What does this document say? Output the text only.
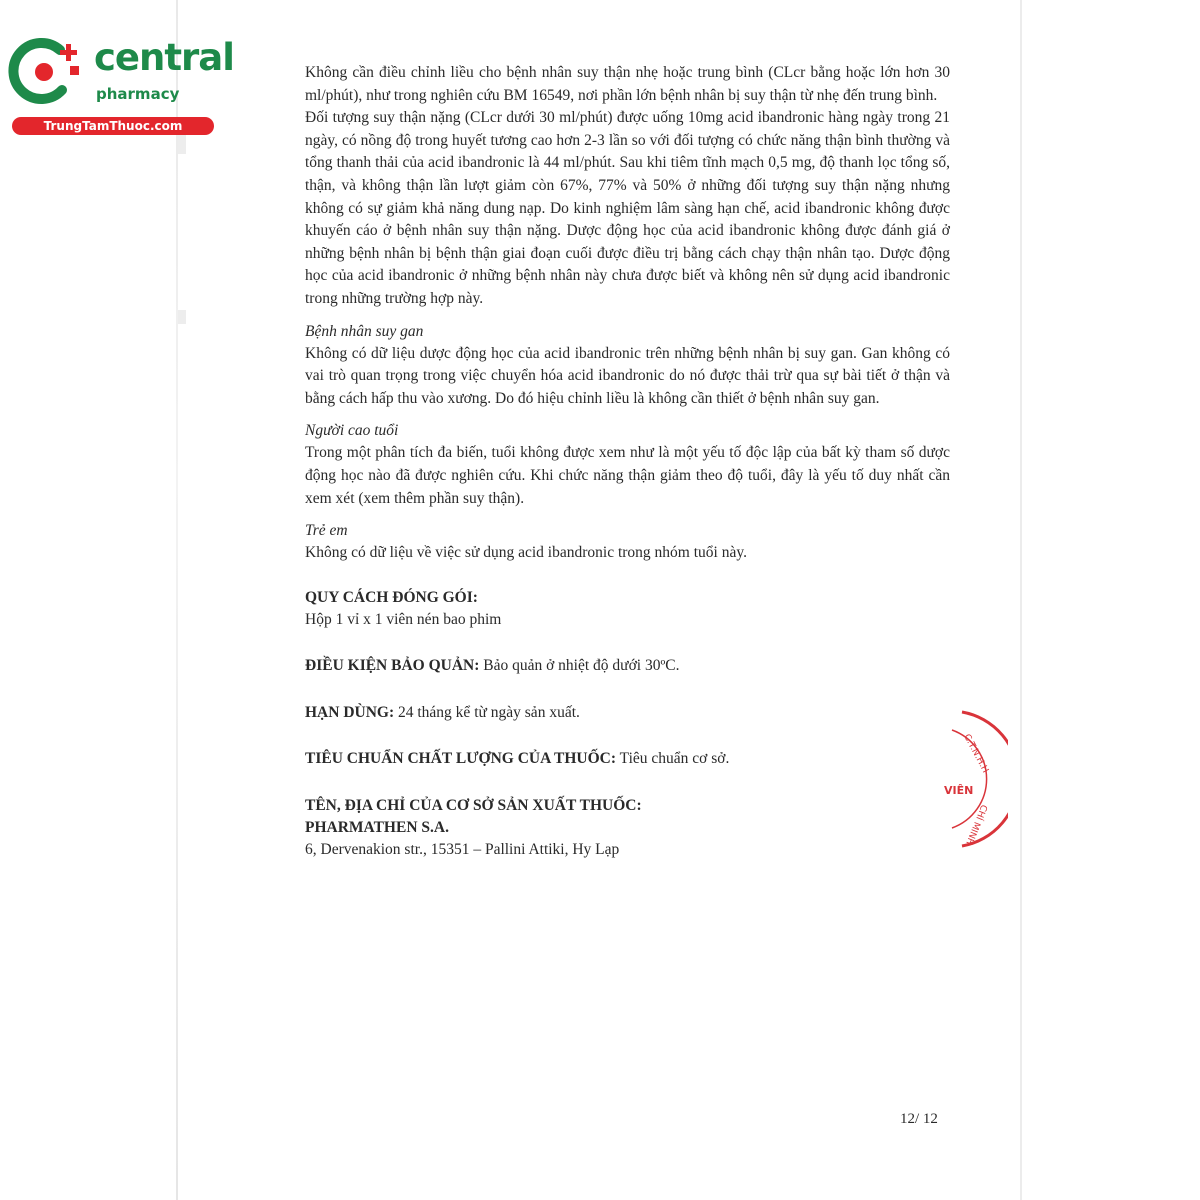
central
pharmacy
TrungTamThuoc.com

Không cần điều chỉnh liều cho bệnh nhân suy thận nhẹ hoặc trung bình (CLcr bằng hoặc lớn hơn 30 ml/phút), như trong nghiên cứu BM 16549, nơi phần lớn bệnh nhân bị suy thận từ nhẹ đến trung bình.

Đối tượng suy thận nặng (CLcr dưới 30 ml/phút) được uống 10mg acid ibandronic hàng ngày trong 21 ngày, có nồng độ trong huyết tương cao hơn 2-3 lần so với đối tượng có chức năng thận bình thường và tổng thanh thải của acid ibandronic là 44 ml/phút. Sau khi tiêm tĩnh mạch 0,5 mg, độ thanh lọc tổng số, thận, và không thận lần lượt giảm còn 67%, 77% và 50% ở những đối tượng suy thận nặng nhưng không có sự giảm khả năng dung nạp. Do kinh nghiệm lâm sàng hạn chế, acid ibandronic không được khuyến cáo ở bệnh nhân suy thận nặng. Dược động học của acid ibandronic không được đánh giá ở những bệnh nhân bị bệnh thận giai đoạn cuối được điều trị bằng cách chạy thận nhân tạo. Dược động học của acid ibandronic ở những bệnh nhân này chưa được biết và không nên sử dụng acid ibandronic trong những trường hợp này.

Bệnh nhân suy gan

Không có dữ liệu dược động học của acid ibandronic trên những bệnh nhân bị suy gan. Gan không có vai trò quan trọng trong việc chuyển hóa acid ibandronic do nó được thải trừ qua sự bài tiết ở thận và bằng cách hấp thu vào xương. Do đó hiệu chỉnh liều là không cần thiết ở bệnh nhân suy gan.

Người cao tuổi

Trong một phân tích đa biến, tuổi không được xem như là một yếu tố độc lập của bất kỳ tham số dược động học nào đã được nghiên cứu. Khi chức năng thận giảm theo độ tuổi, đây là yếu tố duy nhất cần xem xét (xem thêm phần suy thận).

Trẻ em

Không có dữ liệu về việc sử dụng acid ibandronic trong nhóm tuổi này.

QUY CÁCH ĐÓNG GÓI:

Hộp 1 vỉ x 1 viên nén bao phim

ĐIỀU KIỆN BẢO QUẢN: Bảo quản ở nhiệt độ dưới 30ºC.

HẠN DÙNG: 24 tháng kể từ ngày sản xuất.

TIÊU CHUẨN CHẤT LƯỢNG CỦA THUỐC: Tiêu chuẩn cơ sở.

TÊN, ĐỊA CHỈ CỦA CƠ SỞ SẢN XUẤT THUỐC:

PHARMATHEN S.A.

6, Dervenakion str., 15351 – Pallini Attiki, Hy Lạp

C.T.N.H.H
VIÊN
CHÍ MINH
12/ 12
